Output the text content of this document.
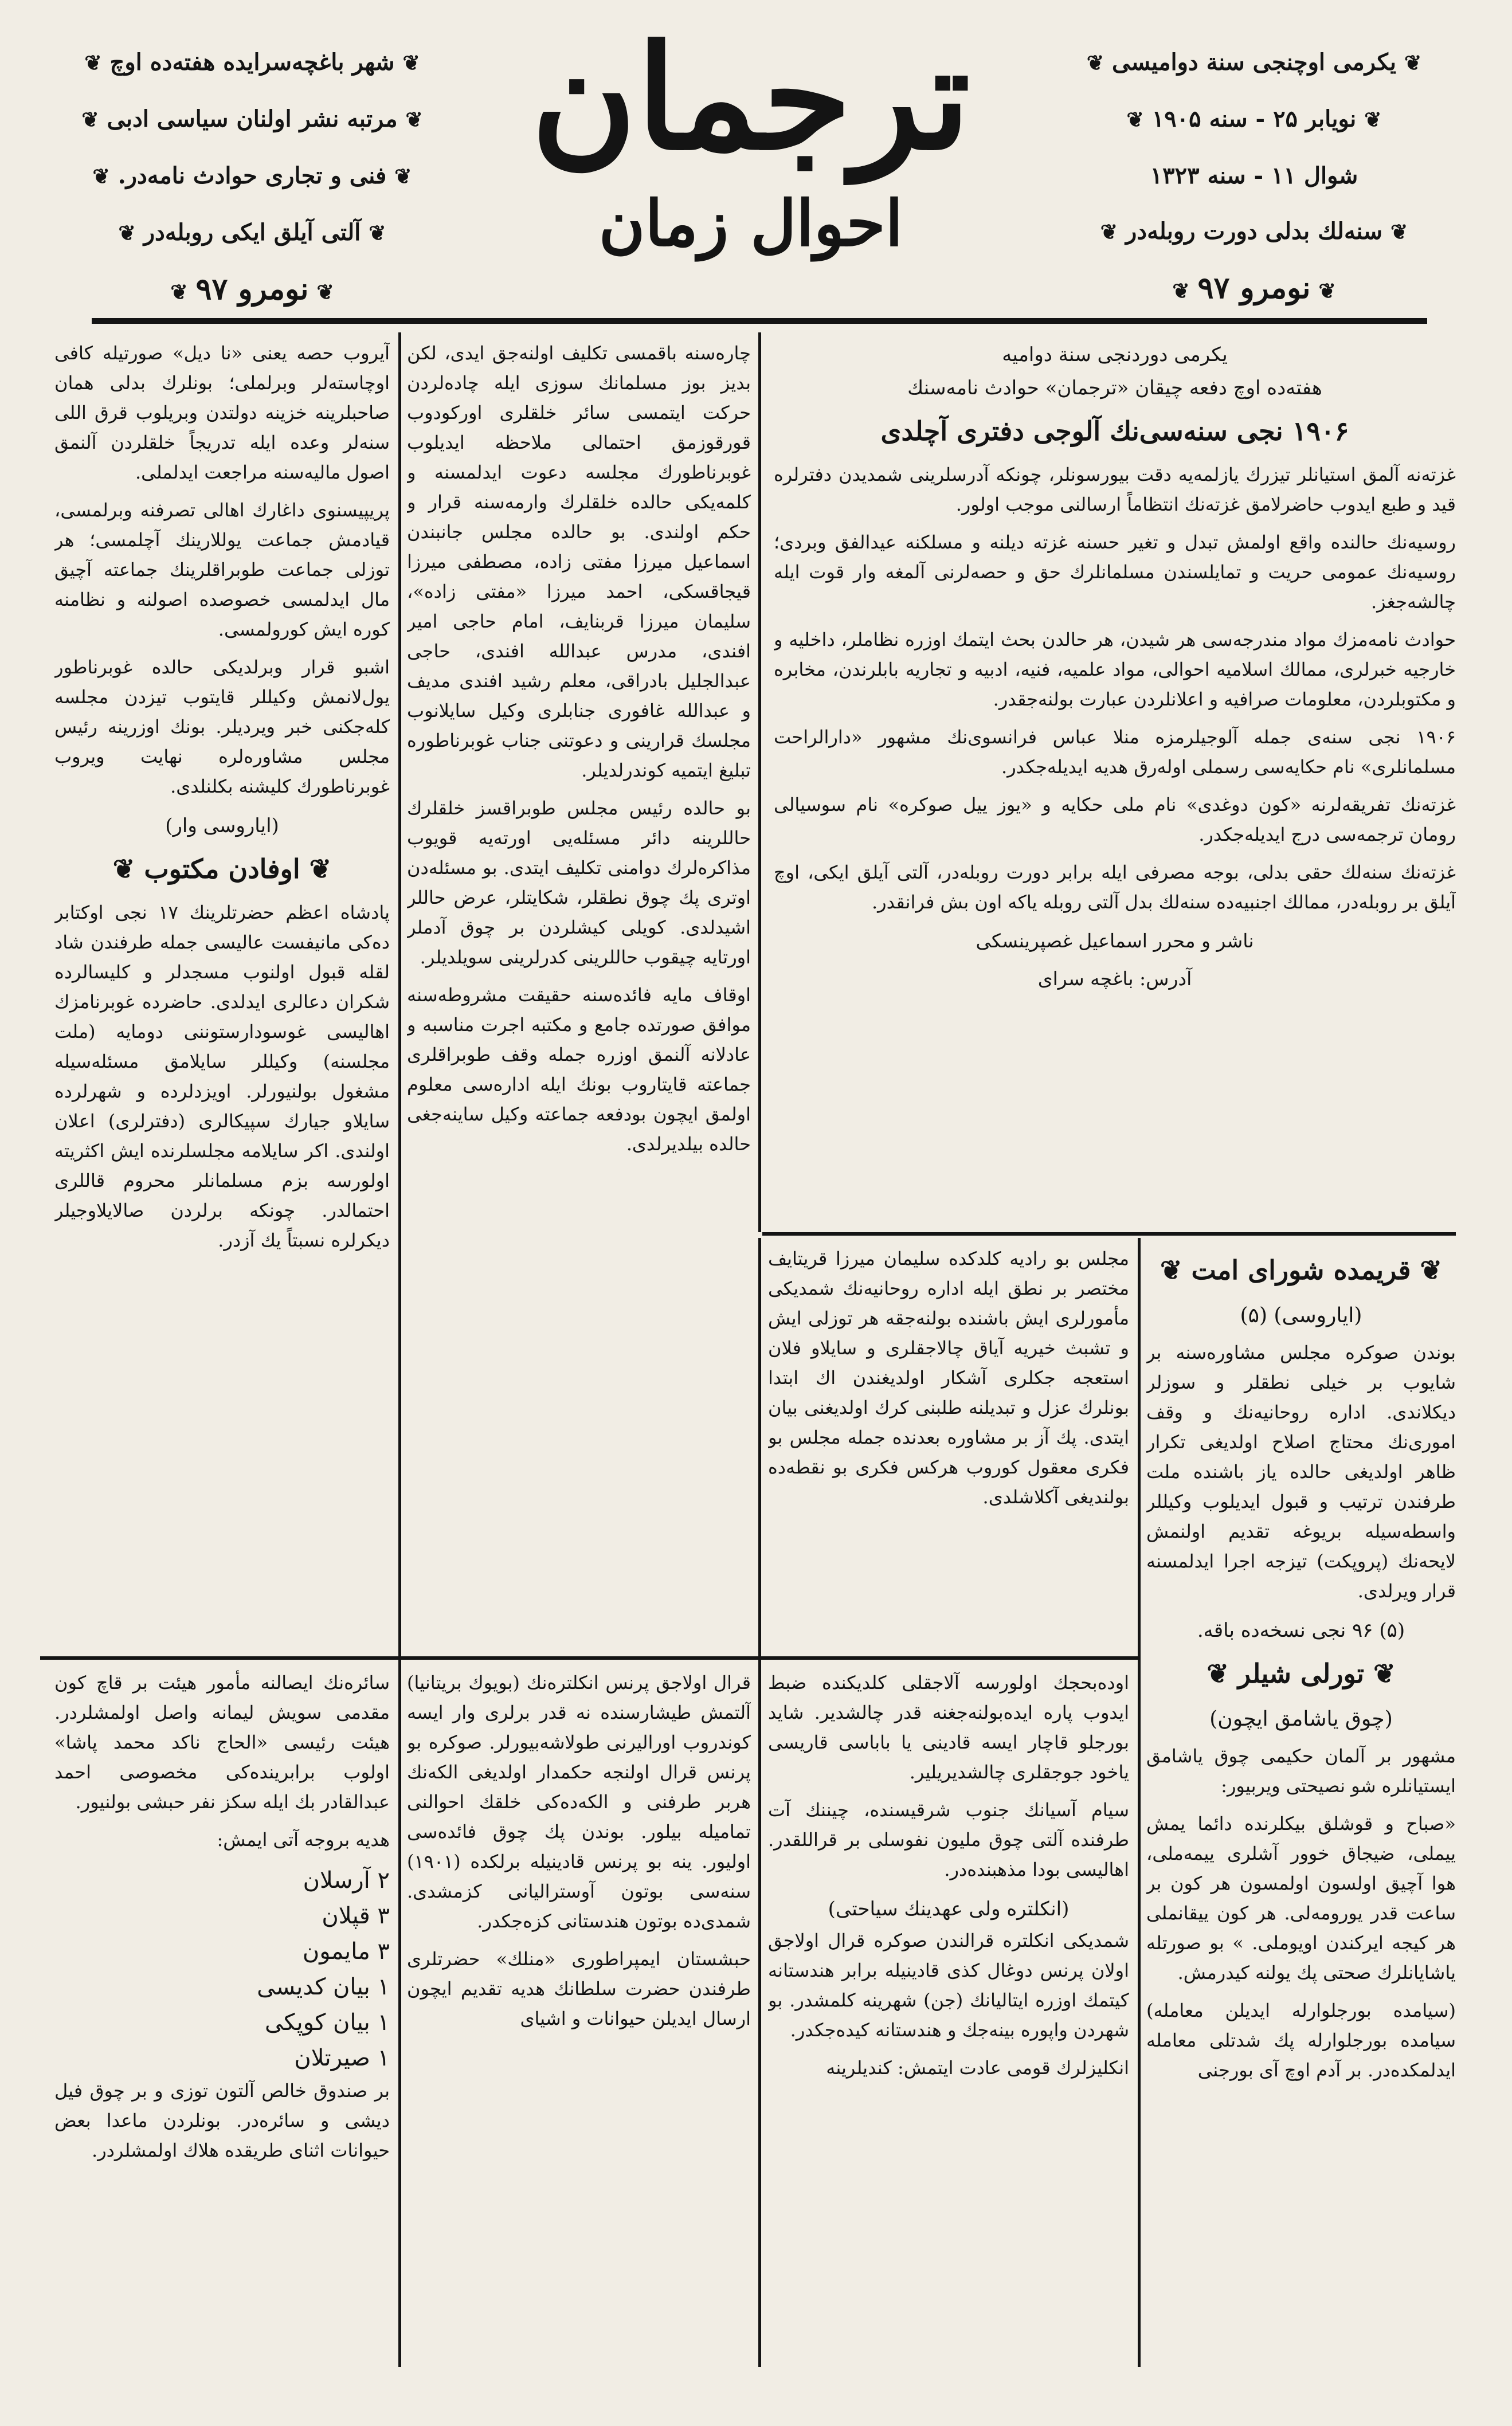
❦یکرمی اوچنجی سنة دوامیسی❦
❦نویابر ۲۵ - سنه ۱۹۰۵❦
شوال ۱۱ - سنه ۱۳۲۳
❦سنه‌لك بدلی دورت روبله‌در❦
❦نومرو ۹۷❦
ترجمان
احوال زمان
❦شهر باغچه‌سرایده هفته‌ده اوچ❦
❦مرتبه نشر اولنان سیاسی ادبی❦
❦فنی و تجاری حوادث نامه‌در.❦
❦آلتی آیلق ایکی روبله‌در❦
❦نومرو ۹۷❦
یکرمی دوردنجی سنة دوامیه
هفته‌ده اوچ دفعه چیقان «ترجمان» حوادث نامه‌سنك
۱۹۰۶ نجی سنه‌سی‌نك آلوجی دفتری آچلدی

غزته‌نه آلمق استیانلر تیزرك یازلمه‌یه دقت بیورسونلر، چونکه آدرسلرینی شمدیدن دفترلره قید و طبع ایدوب حاضرلامق غزته‌نك انتظاماً ارسالنی موجب اولور.

روسیه‌نك حالنده واقع اولمش تبدل و تغیر حسنه غزته دیلنه و مسلکنه عیدالفق وبردی؛ روسیه‌نك عمومی حریت و تمایلسندن مسلمانلرك حق و حصه‌لرنی آلمغه وار قوت ایله چالشه‌جغز.

حوادث نامه‌مزك مواد مندرجه‌سی هر شیدن، هر حالدن بحث ایتمك اوزره نظاملر، داخلیه و خارجیه خبرلری، ممالك اسلامیه احوالی، مواد علمیه، فنیه، ادبیه و تجاریه بابلرندن، مخابره و مکتوبلردن، معلومات صرافیه و اعلانلردن عبارت بولنه‌جقدر.

۱۹۰۶ نجی سنه‌ی جمله آلوجیلرمزه منلا عباس فرانسوی‌نك مشهور «دارالراحت مسلمانلری» نام حکایه‌سی رسملی اوله‌رق هدیه ایدیله‌جکدر.

غزته‌نك تفریقه‌لرنه «کون دوغدی» نام ملی حکایه و «یوز ییل صوکره» نام سوسیالی رومان ترجمه‌سی درج ایدیله‌جکدر.

غزته‌نك سنه‌لك حقی بدلی، بوجه مصرفی ایله برابر دورت روبله‌در، آلتی آیلق ایکی، اوچ آیلق بر روبله‌در، ممالك اجنبیه‌ده سنه‌لك بدل آلتی روبله یاکه اون بش فرانقدر.

ناشر و محرر اسماعیل غصپرینسکی
آدرس: باغچه سرای

چاره‌سنه باقمسی تکلیف اولنه‌جق ایدی، لکن بدیز بوز مسلمانك سوزی ایله چاده‌لردن حرکت ایتمسی سائر خلقلری اوركودوب قورقوزمق احتمالی ملاحظه ایدیلوب غوبرناطورك مجلسه دعوت ایدلمسنه و کلمه‌یکی حالده خلقلرك وارمه‌سنه قرار و حکم اولندی. بو حالده مجلس جانبندن اسماعیل میرزا مفتی زاده، مصطفی میرزا قیجاقسکی، احمد میرزا «مفتی زاده»، سلیمان میرزا قربنایف، امام حاجی امیر افندی، مدرس عبدالله افندی، حاجی عبدالجلیل بادراقی، معلم رشید افندی مدیف و عبدالله غافوری جنابلری وکیل سایلانوب مجلسك قرارینی و دعوتنی جناب غوبرناطوره تبلیغ ایتمیه کوندرلدیلر.

بو حالده رئیس مجلس طوبراقسز خلقلرك حاللرینه دائر مسئله‌یی اورته‌یه قویوب مذاکره‌لرك دوامنی تکلیف ایتدی. بو مسئله‌دن اوتری پك چوق نطقلر، شکایتلر، عرض حاللر اشیدلدی. کویلی کیشلردن بر چوق آدملر اورتایه چیقوب حاللرینی کدرلرینی سویلدیلر.

اوقاف مایه فائده‌سنه حقیقت مشروطه‌سنه موافق صورتده جامع و مکتبه اجرت مناسبه و عادلانه آلنمق اوزره جمله وقف طوبراقلری جماعته قایتاروب بونك ایله اداره‌سی معلوم اولمق ایچون بودفعه جماعته وکیل ساینه‌جغی حالده بیلدیرلدی.

آیروب حصه یعنی «نا دیل» صورتیله کافی اوچاسته‌لر وبرلملی؛ بونلرك بدلی همان صاحبلرینه خزینه دولتدن وبریلوب قرق اللی سنه‌لر وعده ایله تدریجاً خلقلردن آلنمق اصول ماليه‌سنه مراجعت ایدلملی.

پریپیسنوی داغارك اهالی تصرفنه وبرلمسی، قیادمش جماعت یوللارینك آچلمسی؛ هر توزلی جماعت طوبراقلرینك جماعته آچیق مال ایدلمسی خصوصده اصولنه و نظامنه کوره ایش کورولمسی.

اشبو قرار وبرلدیکی حالده غوبرناطور یول‌لانمش وکیللر قایتوب تیزدن مجلسه کله‌جکنی خبر ویردیلر. بونك اوزرینه رئیس مجلس مشاوره‌لره نهایت ویروب غوبرناطورك کلیشنه بکلنلدی.

(ایاروسی وار)
❦ اوفادن مکتوب ❦

پادشاه اعظم حضرتلرینك ۱۷ نجی اوکتابر ده‌کی مانیفست عالیسی جمله طرفندن شاد لقله قبول اولنوب مسجدلر و کلیسالرده شکران دعالری ایدلدی. حاضرده غوبرنامزك اهالیسی غوسودارستوننی دومایه (ملت مجلسنه) وکیللر سایلامق مسئله‌سیله مشغول بولنیورلر. اویزدلرده و شهرلرده سایلاو جیارك سپیکالری (دفترلری) اعلان اولندی. اکر سایلامه مجلسلرنده ایش اکثریته اولورسه بزم مسلمانلر محروم قاللری احتمالدر. چونکه برلردن صالایلاوجیلر دیکرلره نسبتاً یك آزدر.

مجلس بو رادیه کلدکده سلیمان میرزا قریتایف مختصر بر نطق ایله اداره روحانیه‌نك شمدیکی مأمورلری ایش باشنده بولنه‌جقه هر توزلی ایش و تشبث خیریه آیاق چالاجقلری و سایلاو فلان استعجه جکلری آشکار اولدیغندن اك ابتدا بونلرك عزل و تبدیلنه طلبنی کرك اولدیغنی بیان ایتدی. پك آز بر مشاوره بعدنده جمله مجلس بو فکری معقول کوروب هرکس فکری بو نقطه‌ده بولندیغی آکلاشلدی.

❦ قریمده شورای امت ❦
(ایاروسی) (۵)

بوندن صوکره مجلس مشاوره‌سنه بر شایوب بر خیلی نطقلر و سوزلر دیکلاندی. اداره روحانیه‌نك و وقف اموری‌نك محتاج اصلاح اولدیغی تکرار ظاهر اولدیغی حالده یاز باشنده ملت طرفندن ترتیب و قبول ایدیلوب وکیللر واسطه‌سیله بریوغه تقدیم اولنمش لایحه‌نك (پروپکت) تیزجه اجرا ایدلمسنه قرار ویرلدی.

(۵) ۹۶ نجی نسخه‌ده باقه.
❦ تورلی شیلر ❦
(چوق یاشامق ایچون)

مشهور بر آلمان حکیمی چوق یاشامق ایستیانلره شو نصیحتی ویربیور:

«صباح و قوشلق بیکلرنده دائما یمش ییملی، ضیجاق خوور آشلری ییمه‌ملی، هوا آچیق اولسون اولمسون هر کون بر ساعت قدر یورومه‌لی. هر کون ییقانملی هر کیجه ایرکندن اویوملی. » بو صورتله یاشایانلرك صحتی پك یولنه کیدرمش.

(سیامده بورجلوارله ایدیلن معامله) سیامده بورجلوارله پك شدتلی معامله ایدلمکده‌در. بر آدم اوچ آی بورجنی

اوده‌بحجك اولورسه آلاجقلی کلدیکنده ضبط ایدوب پاره ایده‌بولنه‌جغنه قدر چالشدیر. شاید بورجلو قاچار ایسه قادینی یا باباسی قاریسی یاخود جوجقلری چالشدیریلیر.

سیام آسیانك جنوب شرقیسنده، چیننك آت طرفنده آلتی چوق ملیون نفوسلی بر قراللقدر. اهالیسی بودا مذهبنده‌در.

(انکلتره ولی عهدینك سیاحتی)

شمدیکی انکلتره قرالندن صوکره قرال اولاجق اولان پرنس دوغال کذی قادینیله برابر هندستانه کیتمك اوزره ایتالیانك (جن) شهرینه کلمشدر. بو شهردن واپوره بینه‌جك و هندستانه کیده‌جکدر.

انکلیزلرك قومی عادت ایتمش: کندیلرینه

قرال اولاجق پرنس انکلتره‌نك (بویوك بریتانیا) آلتمش طیشارسنده نه قدر برلری وار ایسه کوندروب اوراليرنی طولاشه‌بیورلر. صوکره بو پرنس قرال اولنجه حکمدار اولدیغی الکه‌نك هربر طرفنی و الکه‌ده‌کی خلقك احوالنی تمامیله بیلور. بوندن پك چوق فائده‌سی اولیور. ینه بو پرنس قادینیله برلکده (۱۹۰۱) سنه‌سی بوتون آوستراليانی کزمشدی. شمدی‌ده بوتون هندستانی کزه‌جکدر.

حبشستان ایمپراطوری «منلك» حضرتلری طرفندن حضرت سلطانك هدیه تقدیم ایچون ارسال ایدیلن حیوانات و اشیای

سائره‌نك ایصالنه مأمور هیئت بر قاچ کون مقدمی سویش لیمانه واصل اولمشلردر. هیئت رئیسی «الحاج ناكد محمد پاشا» اولوب برابرینده‌کی مخصوصی احمد عبدالقادر بك ایله سکز نفر حبشی بولنیور.

هدیه بروجه آتی ایمش:

۲ آرسلان
۳ قپلان
۳ مایمون
۱ بیان کدیسی
۱ بیان کوپکی
۱ صیرتلان

بر صندوق خالص آلتون توزی و بر چوق فیل دیشی و سائره‌در. بونلردن ماعدا بعض حیوانات اثنای طریقده هلاك اولمشلردر.
